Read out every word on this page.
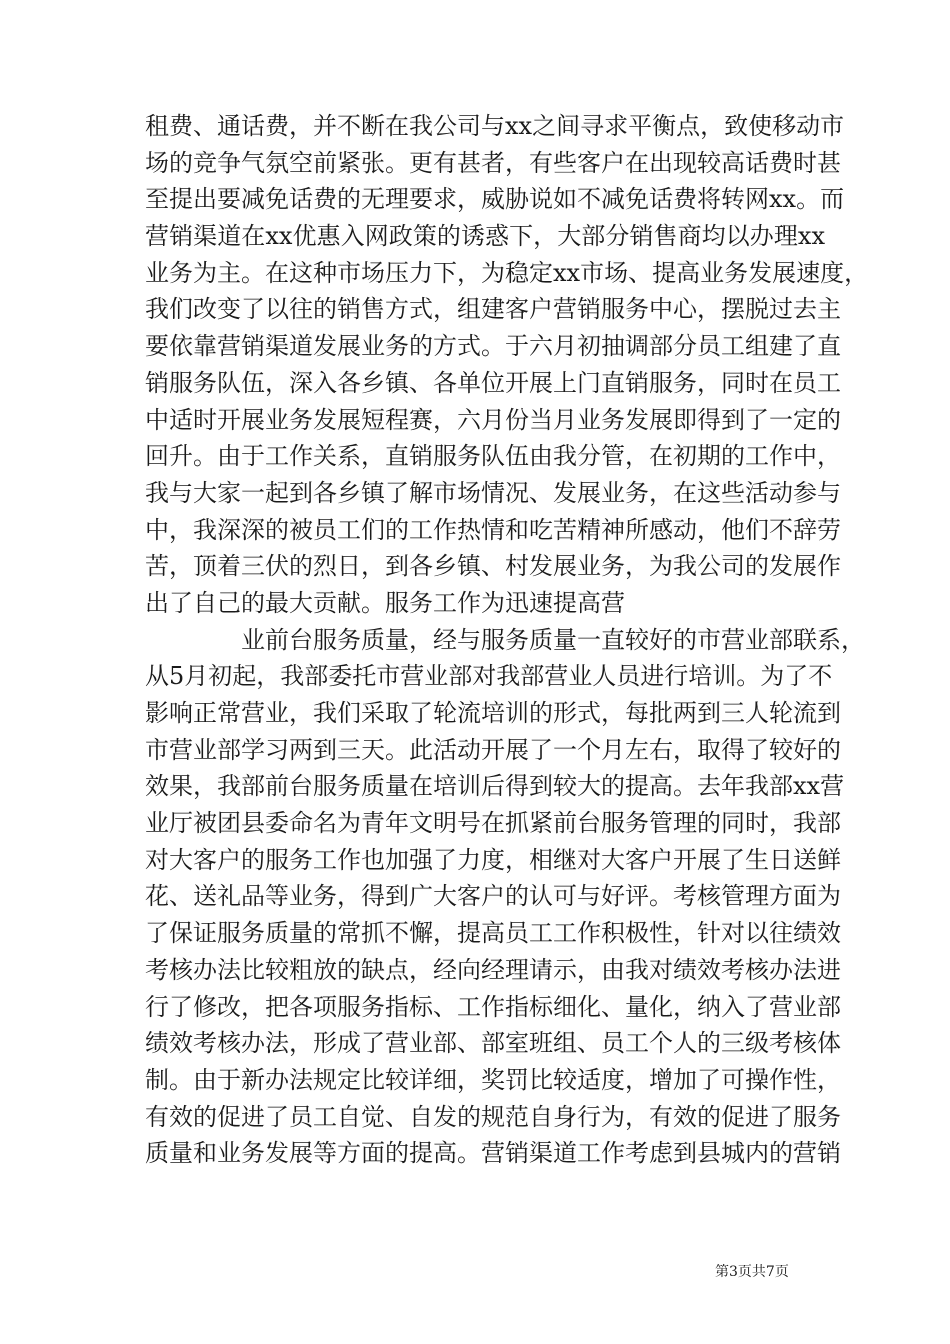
租费、通话费，并不断在我公司与xx之间寻求平衡点，致使移动市
场的竞争气氛空前紧张。更有甚者，有些客户在出现较高话费时甚
至提出要减免话费的无理要求，威胁说如不减免话费将转网xx。而
营销渠道在xx优惠入网政策的诱惑下，大部分销售商均以办理xx
业务为主。在这种市场压力下，为稳定xx市场、提高业务发展速度，
我们改变了以往的销售方式，组建客户营销服务中心，摆脱过去主
要依靠营销渠道发展业务的方式。于六月初抽调部分员工组建了直
销服务队伍，深入各乡镇、各单位开展上门直销服务，同时在员工
中适时开展业务发展短程赛，六月份当月业务发展即得到了一定的
回升。由于工作关系，直销服务队伍由我分管，在初期的工作中，
我与大家一起到各乡镇了解市场情况、发展业务，在这些活动参与
中，我深深的被员工们的工作热情和吃苦精神所感动，他们不辞劳
苦，顶着三伏的烈日，到各乡镇、村发展业务，为我公司的发展作
出了自己的最大贡献。服务工作为迅速提高营
业前台服务质量，经与服务质量一直较好的市营业部联系，
从5月初起，我部委托市营业部对我部营业人员进行培训。为了不
影响正常营业，我们采取了轮流培训的形式，每批两到三人轮流到
市营业部学习两到三天。此活动开展了一个月左右，取得了较好的
效果，我部前台服务质量在培训后得到较大的提高。去年我部xx营
业厅被团县委命名为青年文明号在抓紧前台服务管理的同时，我部
对大客户的服务工作也加强了力度，相继对大客户开展了生日送鲜
花、送礼品等业务，得到广大客户的认可与好评。考核管理方面为
了保证服务质量的常抓不懈，提高员工工作积极性，针对以往绩效
考核办法比较粗放的缺点，经向经理请示，由我对绩效考核办法进
行了修改，把各项服务指标、工作指标细化、量化，纳入了营业部
绩效考核办法，形成了营业部、部室班组、员工个人的三级考核体
制。由于新办法规定比较详细，奖罚比较适度，增加了可操作性，
有效的促进了员工自觉、自发的规范自身行为，有效的促进了服务
质量和业务发展等方面的提高。营销渠道工作考虑到县城内的营销
第3页共7页
